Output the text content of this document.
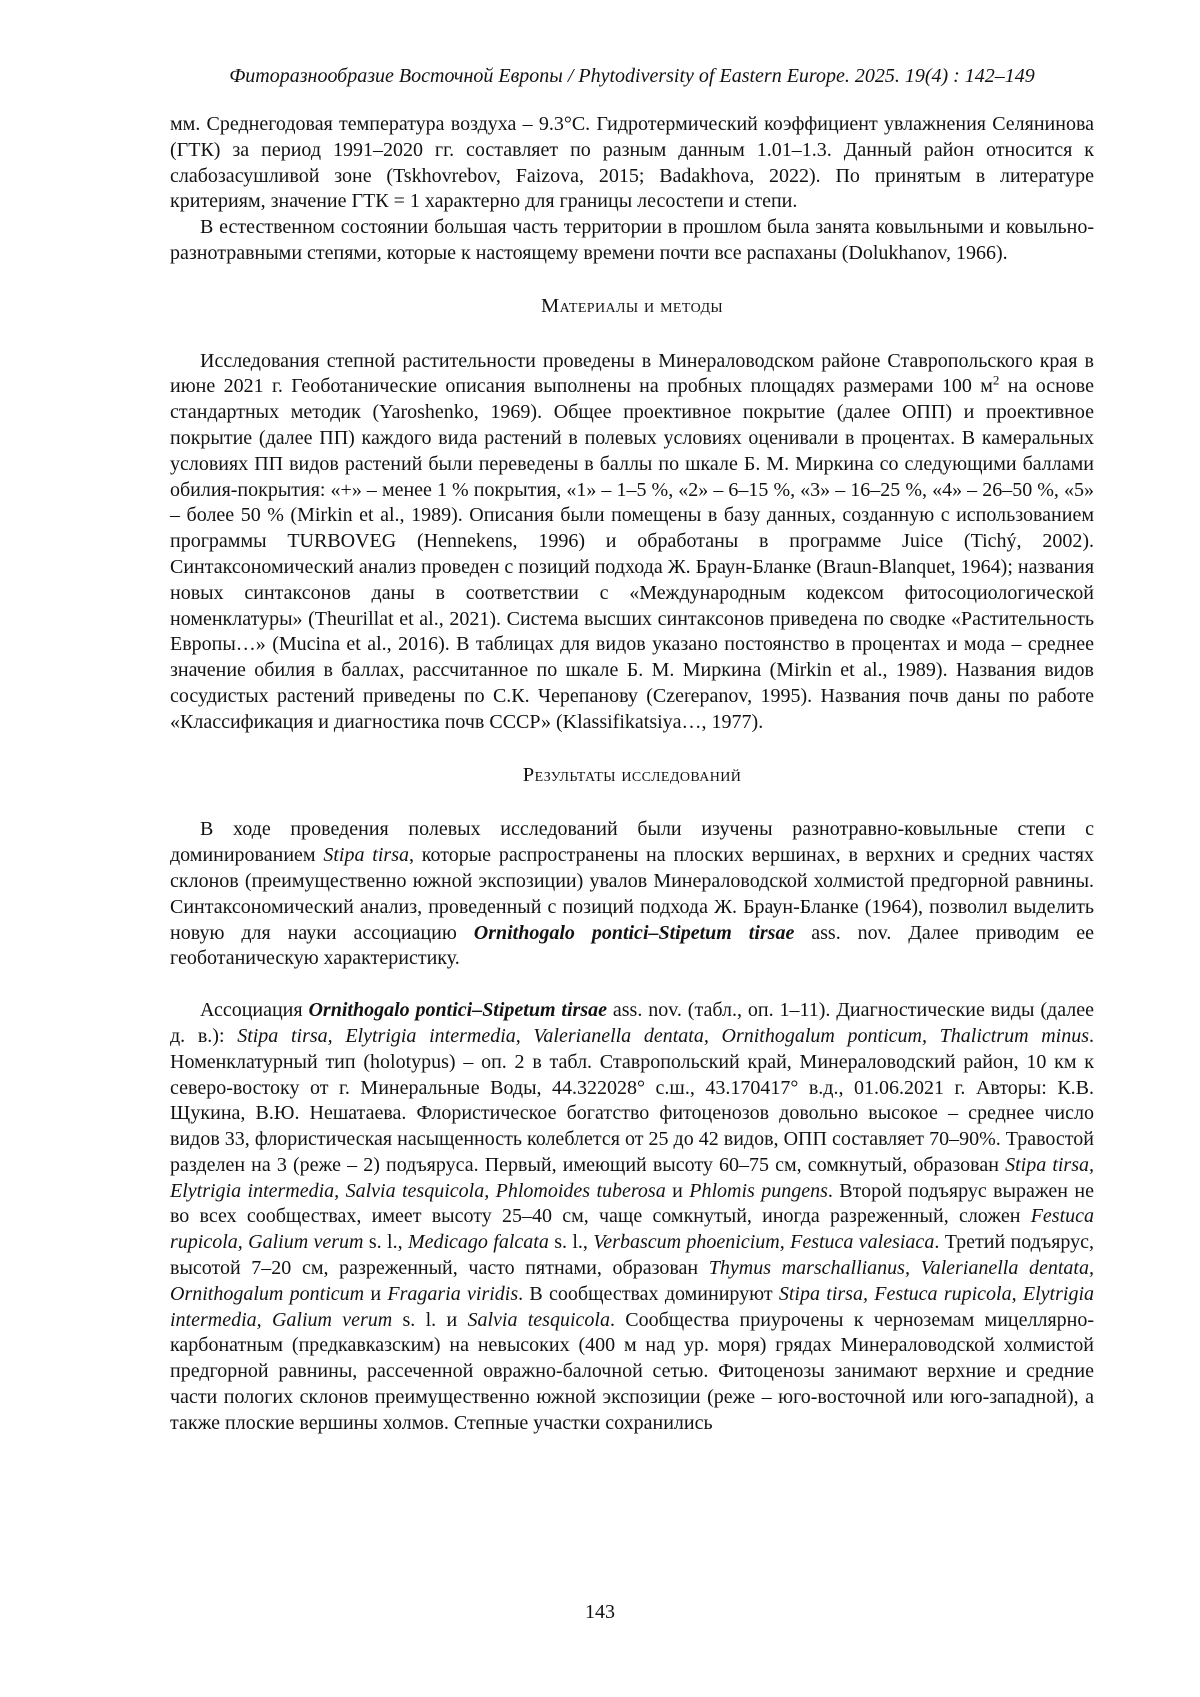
Фиторазнообразие Восточной Европы / Phytodiversity of Eastern Europe. 2025. 19(4) : 142–149

мм. Среднегодовая температура воздуха – 9.3°С. Гидротермический коэффициент увлажнения Селянинова (ГТК) за период 1991–2020 гг. составляет по разным данным 1.01–1.3. Данный район относится к слабозасушливой зоне (Tskhovrebov, Faizova, 2015; Badakhova, 2022). По принятым в литературе критериям, значение ГТК = 1 характерно для границы лесостепи и степи.

В естественном состоянии большая часть территории в прошлом была занята ковыльными и ковыльно-разнотравными степями, которые к настоящему времени почти все распаханы (Dolukhanov, 1966).

Материалы и методы

Исследования степной растительности проведены в Минераловодском районе Ставропольского края в июне 2021 г. Геоботанические описания выполнены на пробных площадях размерами 100 $м^2$ на основе стандартных методик (Yaroshenko, 1969). Общее проективное покрытие (далее ОПП) и проективное покрытие (далее ПП) каждого вида растений в полевых условиях оценивали в процентах. В камеральных условиях ПП видов растений были переведены в баллы по шкале Б. М. Миркина со следующими баллами обилия-покрытия: «+» – менее 1 % покрытия, «1» – 1–5 %, «2» – 6–15 %, «3» – 16–25 %, «4» – 26–50 %, «5» – более 50 % (Mirkin et al., 1989). Описания были помещены в базу данных, созданную с использованием программы TURBOVEG (Hennekens, 1996) и обработаны в программе Juice (Tichý, 2002). Синтаксономический анализ проведен с позиций подхода Ж. Браун-Бланке (Braun-Blanquet, 1964); названия новых синтаксонов даны в соответствии с «Международным кодексом фитосоциологической номенклатуры» (Theurillat et al., 2021). Система высших синтаксонов приведена по сводке «Растительность Европы…» (Mucina et al., 2016). В таблицах для видов указано постоянство в процентах и мода – среднее значение обилия в баллах, рассчитанное по шкале Б. М. Миркина (Mirkin et al., 1989). Названия видов сосудистых растений приведены по С.К. Черепанову (Czerepanov, 1995). Названия почв даны по работе «Классификация и диагностика почв СССР» (Klassifikatsiya…, 1977).

Результаты исследований

В ходе проведения полевых исследований были изучены разнотравно-ковыльные степи с доминированием Stipa tirsa, которые распространены на плоских вершинах, в верхних и средних частях склонов (преимущественно южной экспозиции) увалов Минераловодской холмистой предгорной равнины. Синтаксономический анализ, проведенный с позиций подхода Ж. Браун-Бланке (1964), позволил выделить новую для науки ассоциацию Ornithogalo pontici–Stipetum tirsae ass. nov. Далее приводим ее геоботаническую характеристику.

Ассоциация Ornithogalo pontici–Stipetum tirsae ass. nov. (табл., оп. 1–11). Диагностические виды (далее д. в.): Stipa tirsa, Elytrigia intermedia, Valerianella dentata, Ornithogalum ponticum, Thalictrum minus. Номенклатурный тип (holotypus) – оп. 2 в табл. Ставропольский край, Минераловодский район, 10 км к северо-востоку от г. Минеральные Воды, 44.322028° с.ш., 43.170417° в.д., 01.06.2021 г. Авторы: К.В. Щукина, В.Ю. Нешатаева. Флористическое богатство фитоценозов довольно высокое – среднее число видов 33, флористическая насыщенность колеблется от 25 до 42 видов, ОПП составляет 70–90%. Травостой разделен на 3 (реже – 2) подъяруса. Первый, имеющий высоту 60–75 см, сомкнутый, образован Stipa tirsa, Elytrigia intermedia, Salvia tesquicola, Phlomoides tuberosa и Phlomis pungens. Второй подъярус выражен не во всех сообществах, имеет высоту 25–40 см, чаще сомкнутый, иногда разреженный, сложен Festuca rupicola, Galium verum s. l., Medicago falcata s. l., Verbascum phoenicium, Festuca valesiaca. Третий подъярус, высотой 7–20 см, разреженный, часто пятнами, образован Thymus marschallianus, Valerianella dentata, Ornithogalum ponticum и Fragaria viridis. В сообществах доминируют Stipa tirsa, Festuca rupicola, Elytrigia intermedia, Galium verum s. l. и Salvia tesquicola. Сообщества приурочены к черноземам мицеллярно-карбонатным (предкавказским) на невысоких (400 м над ур. моря) грядах Минераловодской холмистой предгорной равнины, рассеченной овражно-балочной сетью. Фитоценозы занимают верхние и средние части пологих склонов преимущественно южной экспозиции (реже – юго-восточной или юго-западной), а также плоские вершины холмов. Степные участки сохранились

143
